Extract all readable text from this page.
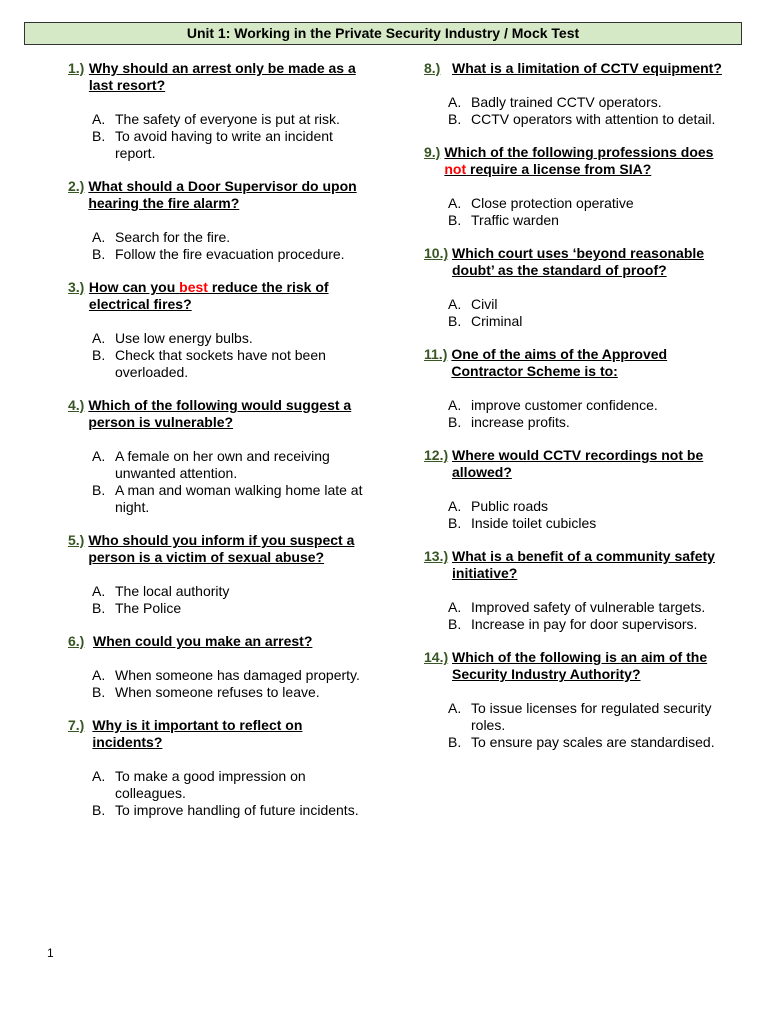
Unit 1: Working in the Private Security Industry / Mock Test
1.) Why should an arrest only be made as a last resort?
A. The safety of everyone is put at risk.
B. To avoid having to write an incident report.
2.) What should a Door Supervisor do upon hearing the fire alarm?
A. Search for the fire.
B. Follow the fire evacuation procedure.
3.) How can you best reduce the risk of electrical fires?
A. Use low energy bulbs.
B. Check that sockets have not been overloaded.
4.) Which of the following would suggest a person is vulnerable?
A. A female on her own and receiving unwanted attention.
B. A man and woman walking home late at night.
5.) Who should you inform if you suspect a person is a victim of sexual abuse?
A. The local authority
B. The Police
6.) When could you make an arrest?
A. When someone has damaged property.
B. When someone refuses to leave.
7.) Why is it important to reflect on incidents?
A. To make a good impression on colleagues.
B. To improve handling of future incidents.
8.) What is a limitation of CCTV equipment?
A. Badly trained CCTV operators.
B. CCTV operators with attention to detail.
9.) Which of the following professions does not require a license from SIA?
A. Close protection operative
B. Traffic warden
10.) Which court uses ‘beyond reasonable doubt’ as the standard of proof?
A. Civil
B. Criminal
11.) One of the aims of the Approved Contractor Scheme is to:
A. improve customer confidence.
B. increase profits.
12.) Where would CCTV recordings not be allowed?
A. Public roads
B. Inside toilet cubicles
13.) What is a benefit of a community safety initiative?
A. Improved safety of vulnerable targets.
B. Increase in pay for door supervisors.
14.) Which of the following is an aim of the Security Industry Authority?
A. To issue licenses for regulated security roles.
B. To ensure pay scales are standardised.
1
